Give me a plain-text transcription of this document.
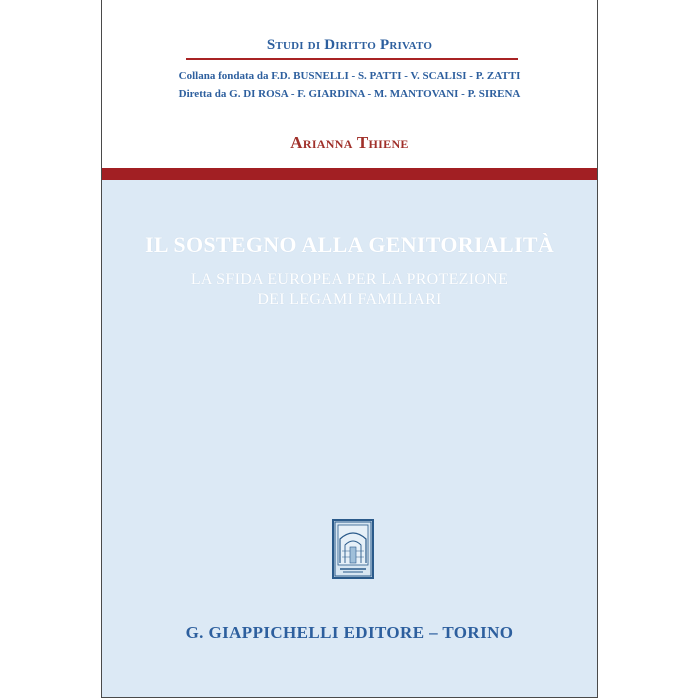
Studi di Diritto Privato
Collana fondata da F.D. BUSNELLI - S. PATTI - V. SCALISI - P. ZATTI
Diretta da G. DI ROSA - F. GIARDINA - M. MANTOVANI - P. SIRENA
Arianna Thiene
IL SOSTEGNO ALLA GENITORIALITÀ
LA SFIDA EUROPEA PER LA PROTEZIONE
DEI LEGAMI FAMILIARI
G. GIAPPICHELLI EDITORE – TORINO
